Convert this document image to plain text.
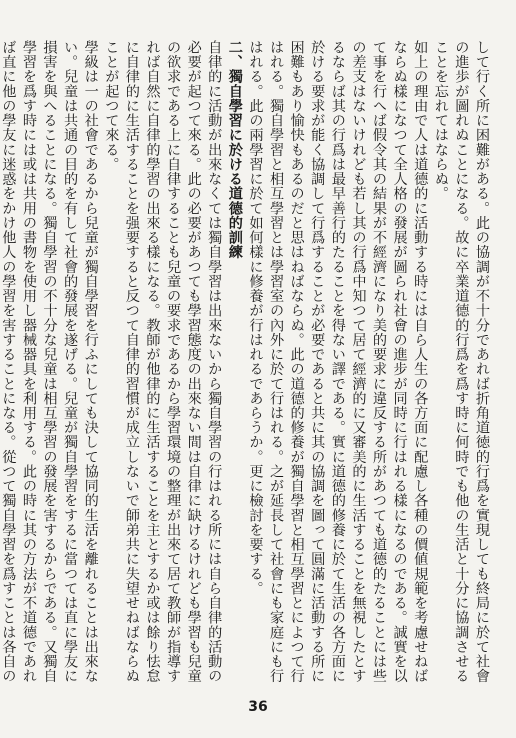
して行く所に困難がある。此の協調が不十分であれば折角道徳的行爲を實現しても終局に於て社會の進歩が圖れぬことになる。故に卒業道德的行爲を爲す時に何時でも他の生活と十分に協調させることを忘れてはならぬ。

如上の理由で人は道德的に活動する時には自ら人生の各方面に配慮し各種の價値規範を考慮せねばならぬ樣になつて全人格の發展が圖られ社會の進步が同時に行はれる樣になるのである。誠實を以て事を行へば假令其の結果が不經濟になり美的要求に違反する所があつても道德的たることには些の差支はないけれども若し其の行爲中知つて居て經濟的に又審美的に生活することを無視したとするならば其の行爲は最早善行的たることを得ない譯である。實に道德的修養に於て生活の各方面に於ける要求が能く協調して行爲することが必要であると共に其の協調を圖って圓滿に活動する所に困難もあり愉快もあるのだと思はねばならぬ。此の道德的修養が獨自學習と相互學習とによつて行はれる。獨自學習と相互學習とは學習室の內外に於て行はれる。之が延長して社會にも家庭にも行はれる。此の兩學習に於て如何樣に修養が行はれるであらうか。更に檢討を要する。

二、獨自學習に於ける道德的訓練

自律的に活動が出來なくては獨自學習は出來ないから獨自學習の行はれる所には自ら自律的活動の必要が起つて來る。此の必要があつても學習態度の出來ない間は自律に缺けるけれども學習も兒童の欲求である上に自律することも兒童の要求であるから學習環境の整理が出來て居て教師が指導すれば自然に自律的學習の出來る樣になる。教師が他律的に生活することを主とするか或は餘り怯怠に自律的に生活することを强要すると反つて自律的習慣が成立しないで師弟共に失望せねばならぬことが起つて來る。

學級は一の社會であるから兒童が獨自學習を行ふにしても決して協同的生活を離れることは出來ない。兒童は共通の目的を有して社會的發展を遂げる。兒童が獨自學習をするに當つては直に學友に損害を與へることになる。獨自學習の不十分な兒童は相互學習の發展を害するからである。又獨自學習を爲す時には或は共用の書物を使用し器械器具を利用する。此の時に其の方法が不道德であれば直に他の學友に迷惑をかけ他人の學習を害することになる。從つて獨自學習を爲すことは各自の

36
